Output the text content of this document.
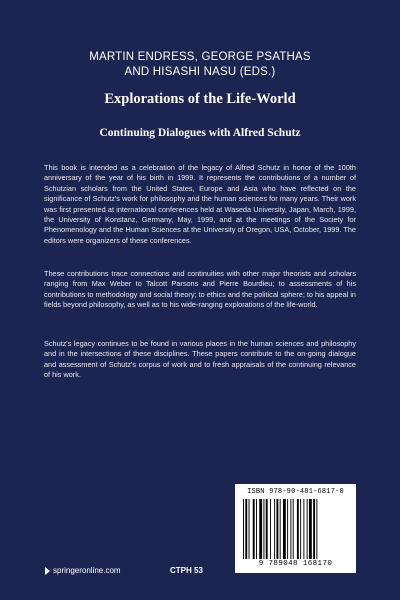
MARTIN ENDRESS, GEORGE PSATHAS
AND HISASHI NASU (EDS.)
Explorations of the Life-World
Continuing Dialogues with Alfred Schutz
This book is intended as a celebration of the legacy of Alfred Schutz in honor of the 100th anniversary of the year of his birth in 1999. It represents the contributions of a number of Schutzian scholars from the United States, Europe and Asia who have reflected on the significance of Schutz's work for philosophy and the human sciences for many years. Their work was first presented at international conferences held at Waseda University, Japan, March, 1999, the University of Konstanz, Germany, May, 1999, and at the meetings of the Society for Phenomenology and the Human Sciences at the University of Oregon, USA, October, 1999. The editors were organizers of these conferences.
These contributions trace connections and continuities with other major theorists and scholars ranging from Max Weber to Talcott Parsons and Pierre Bourdieu; to assessments of his contributions to methodology and social theory; to ethics and the political sphere; to his appeal in fields beyond philosophy, as well as to his wide-ranging explorations of the life-world.
Schutz's legacy continues to be found in various places in the human sciences and philosophy and in the intersections of these disciplines. These papers contribute to the on-going dialogue and assessment of Schutz's corpus of work and to fresh appraisals of the continuing relevance of his work.
springeronline.com	CTPH 53
ISBN 978-90-481-6817-0
9 789048 168170
